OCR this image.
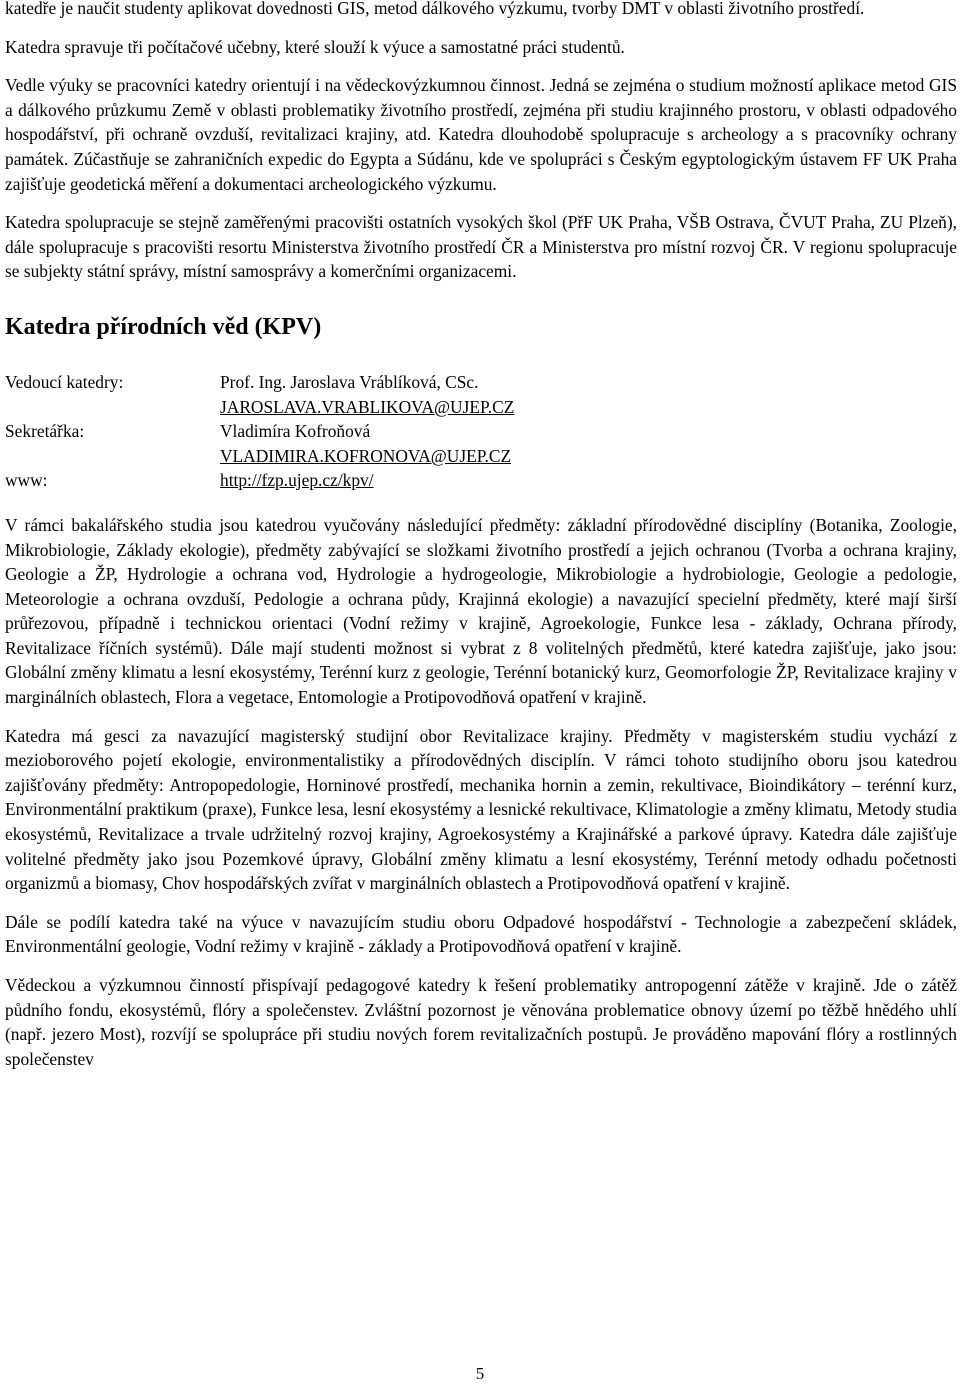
katedře je naučit studenty aplikovat dovednosti GIS, metod dálkového výzkumu, tvorby DMT v oblasti životního prostředí.

Katedra spravuje tři počítačové učebny, které slouží k výuce a samostatné práci studentů.

Vedle výuky se pracovníci katedry orientují i na vědeckovýzkumnou činnost. Jedná se zejména o studium možností aplikace metod GIS a dálkového průzkumu Země v oblasti problematiky životního prostředí, zejména při studiu krajinného prostoru, v oblasti odpadového hospodářství, při ochraně ovzduší, revitalizaci krajiny, atd. Katedra dlouhodobě spolupracuje s archeology a s pracovníky ochrany památek. Zúčastňuje se zahraničních expedic do Egypta a Súdánu, kde ve spolupráci s Českým egyptologickým ústavem FF UK Praha zajišťuje geodetická měření a dokumentaci archeologického výzkumu.

Katedra spolupracuje se stejně zaměřenými pracovišti ostatních vysokých škol (PřF UK Praha, VŠB Ostrava, ČVUT Praha, ZU Plzeň), dále spolupracuje s pracovišti resortu Ministerstva životního prostředí ČR a Ministerstva pro místní rozvoj ČR. V regionu spolupracuje se subjekty státní správy, místní samosprávy a komerčními organizacemi.

Katedra přírodních věd (KPV)
Vedoucí katedry:	Prof. Ing. Jaroslava Vráblíková, CSc.
JAROSLAVA.VRABLIKOVA@UJEP.CZ
Sekretářka:	Vladimíra Kofroňová
VLADIMIRA.KOFRONOVA@UJEP.CZ
www:	http://fzp.ujep.cz/kpv/

V rámci bakalářského studia jsou katedrou vyučovány následující předměty: základní přírodovědné disciplíny (Botanika, Zoologie, Mikrobiologie, Základy ekologie), předměty zabývající se složkami životního prostředí a jejich ochranou (Tvorba a ochrana krajiny, Geologie a ŽP, Hydrologie a ochrana vod, Hydrologie a hydrogeologie, Mikrobiologie a hydrobiologie, Geologie a pedologie, Meteorologie a ochrana ovzduší, Pedologie a ochrana půdy, Krajinná ekologie) a navazující specielní předměty, které mají širší průřezovou, případně i technickou orientaci (Vodní režimy v krajině, Agroekologie, Funkce lesa - základy, Ochrana přírody, Revitalizace říčních systémů). Dále mají studenti možnost si vybrat z 8 volitelných předmětů, které katedra zajišťuje, jako jsou: Globální změny klimatu a lesní ekosystémy, Terénní kurz z geologie, Terénní botanický kurz, Geomorfologie ŽP, Revitalizace krajiny v marginálních oblastech, Flora a vegetace, Entomologie a Protipovodňová opatření v krajině.

Katedra má gesci za navazující magisterský studijní obor Revitalizace krajiny. Předměty v magisterském studiu vychází z mezioborového pojetí ekologie, environmentalistiky a přírodovědných disciplín. V rámci tohoto studijního oboru jsou katedrou zajišťovány předměty: Antropopedologie, Horninové prostředí, mechanika hornin a zemin, rekultivace, Bioindikátory – terénní kurz, Environmentální praktikum (praxe), Funkce lesa, lesní ekosystémy a lesnické rekultivace, Klimatologie a změny klimatu, Metody studia ekosystémů, Revitalizace a trvale udržitelný rozvoj krajiny, Agroekosystémy a Krajinářské a parkové úpravy. Katedra dále zajišťuje volitelné předměty jako jsou Pozemkové úpravy, Globální změny klimatu a lesní ekosystémy, Terénní metody odhadu početnosti organizmů a biomasy, Chov hospodářských zvířat v marginálních oblastech a Protipovodňová opatření v krajině.

Dále se podílí katedra také na výuce v navazujícím studiu oboru Odpadové hospodářství - Technologie a zabezpečení skládek, Environmentální geologie, Vodní režimy v krajině - základy a Protipovodňová opatření v krajině.

Vědeckou a výzkumnou činností přispívají pedagogové katedry k řešení problematiky antropogenní zátěže v krajině. Jde o zátěž půdního fondu, ekosystémů, flóry a společenstev. Zvláštní pozornost je věnována problematice obnovy území po těžbě hnědého uhlí (např. jezero Most), rozvíjí se spolupráce při studiu nových forem revitalizačních postupů. Je prováděno mapování flóry a rostlinných společenstev

5
